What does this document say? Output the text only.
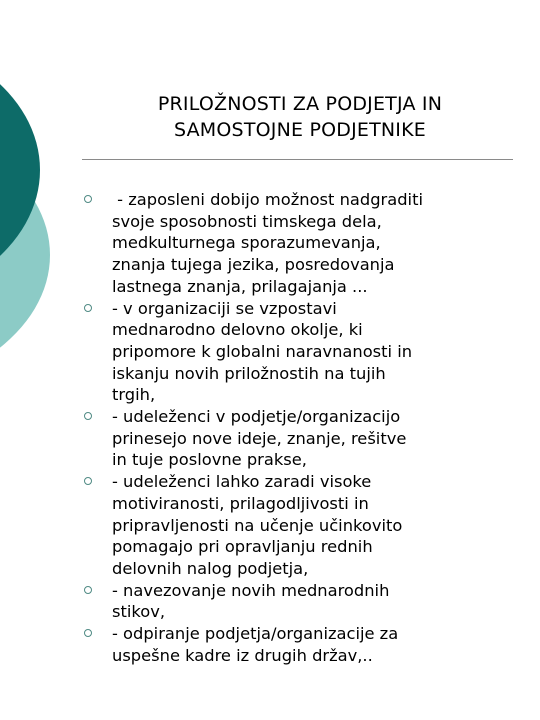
PRILOŽNOSTI ZA PODJETJA IN
SAMOSTOJNE PODJETNIKE
- zaposleni dobijo možnost nadgraditi
svoje sposobnosti timskega dela,
medkulturnega sporazumevanja,
znanja tujega jezika, posredovanja
lastnega znanja, prilagajanja ...
- v organizaciji se vzpostavi
mednarodno delovno okolje, ki
pripomore k globalni naravnanosti in
iskanju novih priložnostih na tujih
trgih,
- udeleženci v podjetje/organizacijo
prinesejo nove ideje, znanje, rešitve
in tuje poslovne prakse,
- udeleženci lahko zaradi visoke
motiviranosti, prilagodljivosti in
pripravljenosti na učenje učinkovito
pomagajo pri opravljanju rednih
delovnih nalog podjetja,
- navezovanje novih mednarodnih
stikov,
- odpiranje podjetja/organizacije za
uspešne kadre iz drugih držav,..
